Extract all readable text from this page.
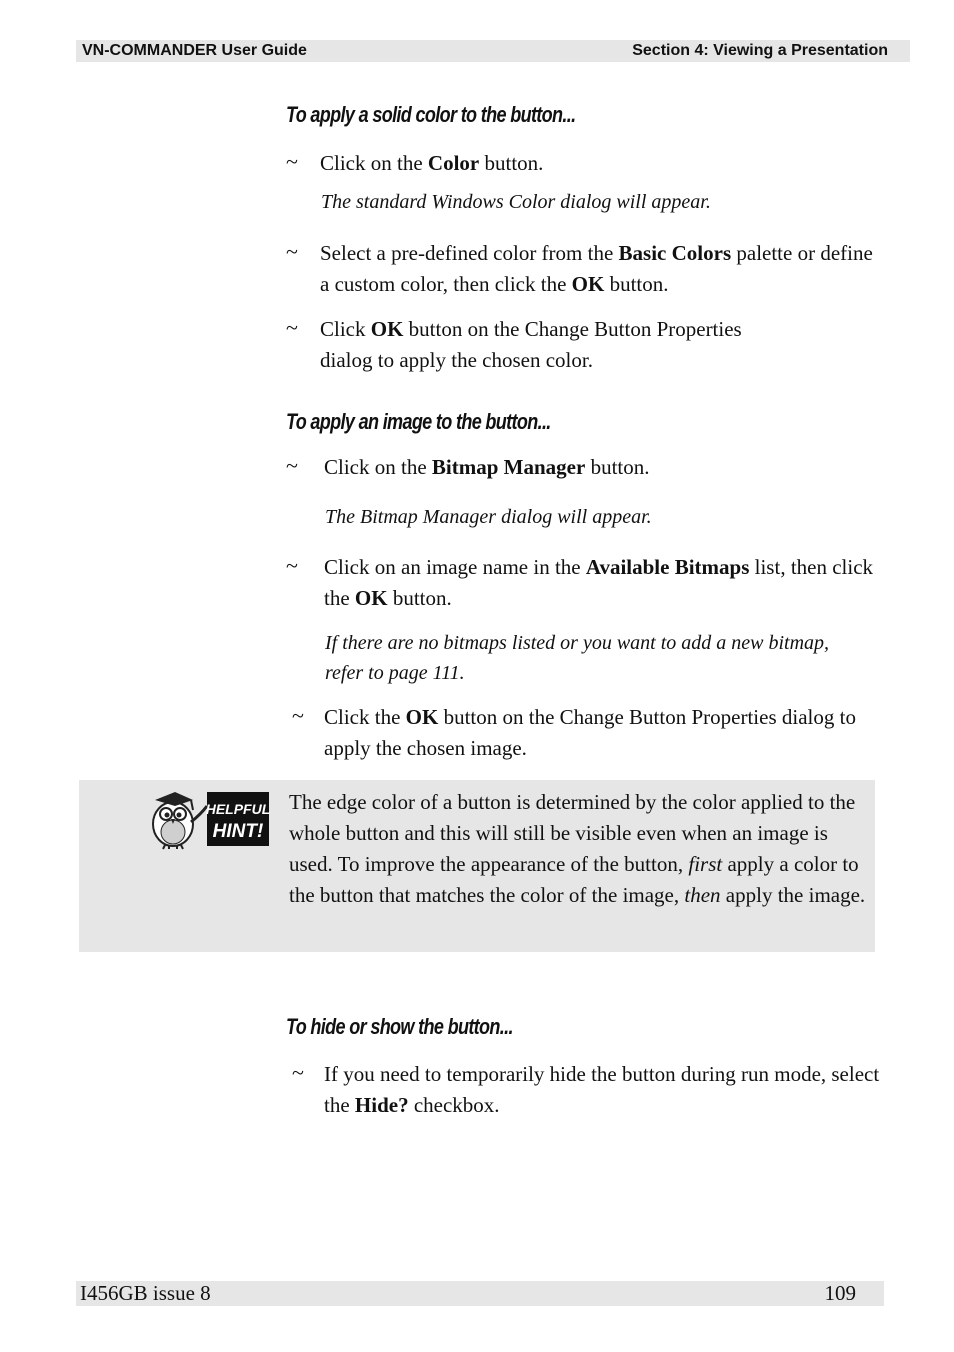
VN-COMMANDER User Guide	Section 4: Viewing a Presentation
To apply a solid color to the button...
~ Click on the Color button.
The standard Windows Color dialog will appear.
~ Select a pre-defined color from the Basic Colors palette or define a custom color, then click the OK button.
~ Click OK button on the Change Button Properties dialog to apply the chosen color.
To apply an image to the button...
~ Click on the Bitmap Manager button.
The Bitmap Manager dialog will appear.
~ Click on an image name in the Available Bitmaps list, then click the OK button.
If there are no bitmaps listed or you want to add a new bitmap, refer to page 111.
~ Click the OK button on the Change Button Properties dialog to apply the chosen image.
HELPFUL
HINT!
The edge color of a button is determined by the color applied to the whole button and this will still be visible even when an image is used. To improve the appearance of the button, first apply a color to the button that matches the color of the image, then apply the image.
To hide or show the button...
~ If you need to temporarily hide the button during run mode, select the Hide? checkbox.
I456GB issue 8	109
